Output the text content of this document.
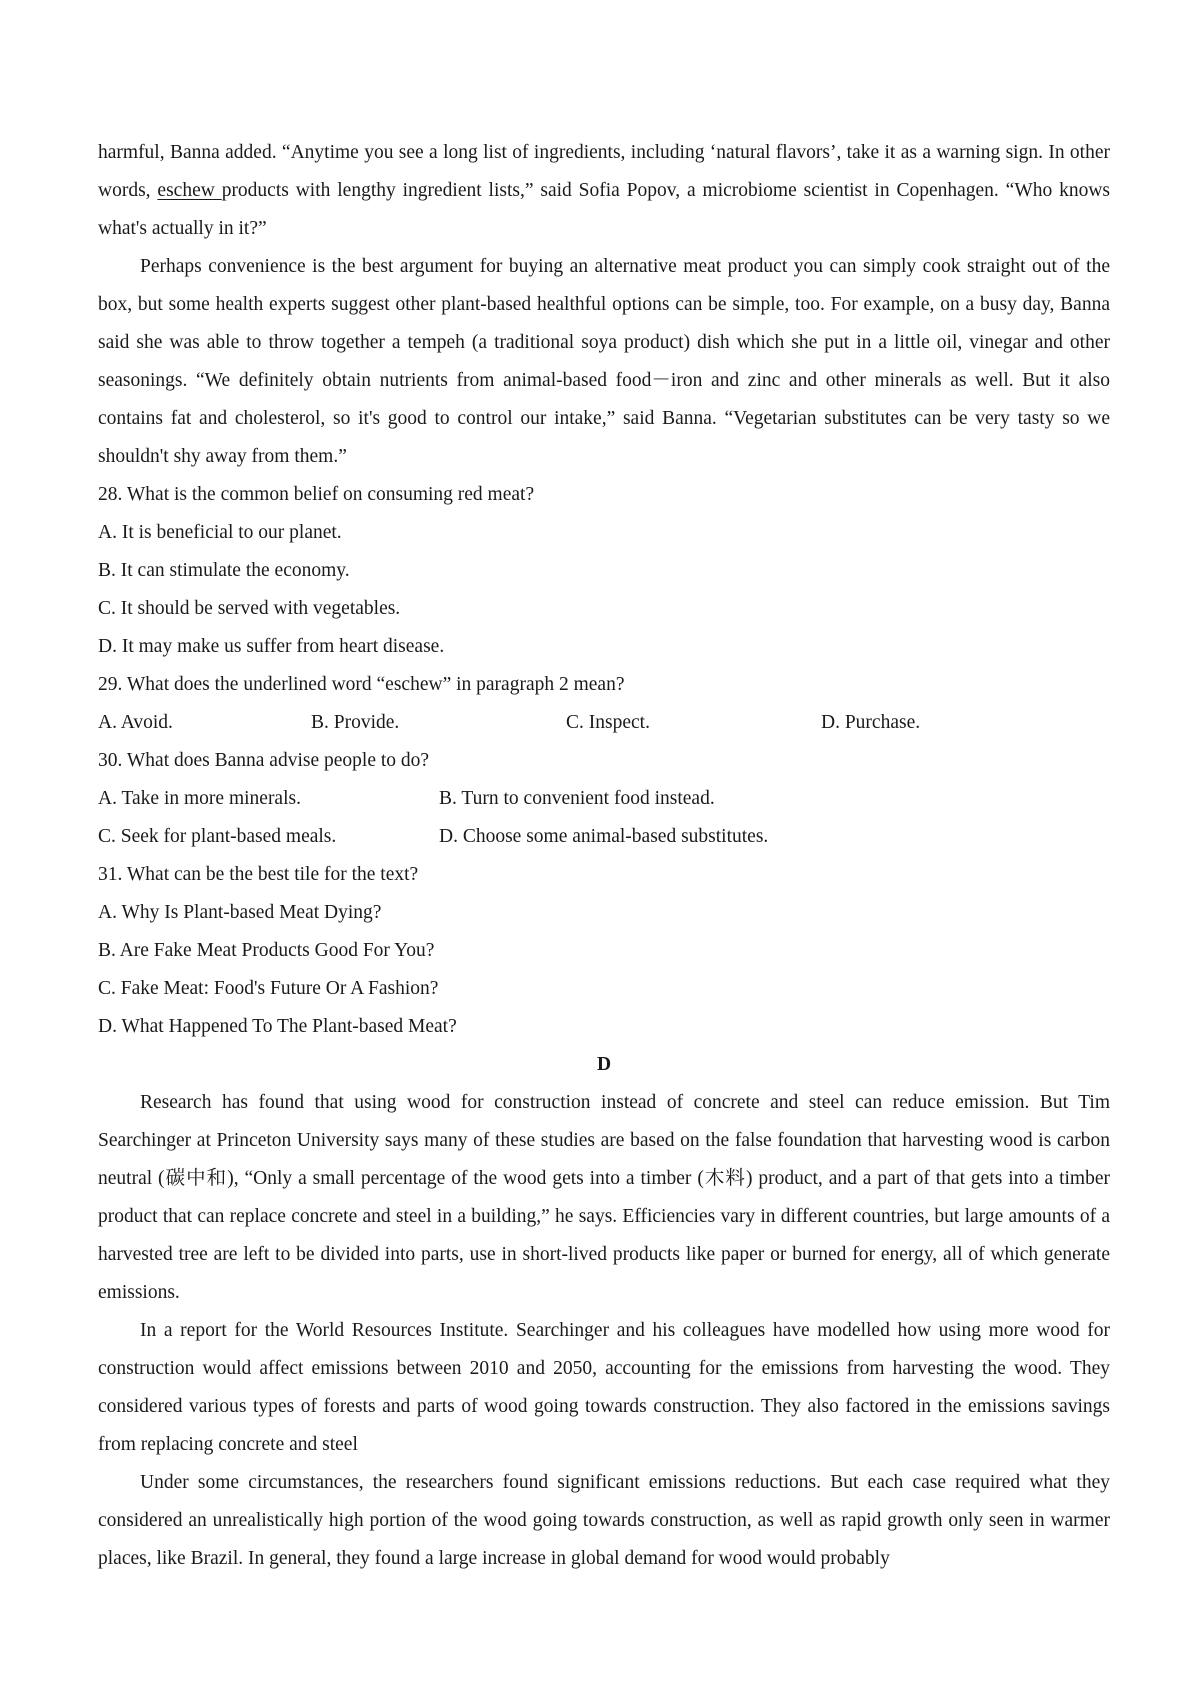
harmful, Banna added. “Anytime you see a long list of ingredients, including ‘natural flavors’, take it as a warning sign. In other words, eschew products with lengthy ingredient lists,” said Sofia Popov, a microbiome scientist in Copenhagen. “Who knows what's actually in it?”

Perhaps convenience is the best argument for buying an alternative meat product you can simply cook straight out of the box, but some health experts suggest other plant-based healthful options can be simple, too. For example, on a busy day, Banna said she was able to throw together a tempeh (a traditional soya product) dish which she put in a little oil, vinegar and other seasonings. “We definitely obtain nutrients from animal-based food－iron and zinc and other minerals as well. But it also contains fat and cholesterol, so it's good to control our intake,” said Banna. “Vegetarian substitutes can be very tasty so we shouldn't shy away from them.”

28. What is the common belief on consuming red meat?

A. It is beneficial to our planet.

B. It can stimulate the economy.

C. It should be served with vegetables.

D. It may make us suffer from heart disease.

29. What does the underlined word “eschew” in paragraph 2 mean?

A. Avoid.	B. Provide.	C. Inspect.	D. Purchase.

30. What does Banna advise people to do?

A. Take in more minerals.	B. Turn to convenient food instead.
C. Seek for plant-based meals.	D. Choose some animal-based substitutes.

31. What can be the best tile for the text?

A. Why Is Plant-based Meat Dying?

B. Are Fake Meat Products Good For You?

C. Fake Meat: Food's Future Or A Fashion?

D. What Happened To The Plant-based Meat?

D

Research has found that using wood for construction instead of concrete and steel can reduce emission. But Tim Searchinger at Princeton University says many of these studies are based on the false foundation that harvesting wood is carbon neutral (碳中和), “Only a small percentage of the wood gets into a timber (木料) product, and a part of that gets into a timber product that can replace concrete and steel in a building,” he says. Efficiencies vary in different countries, but large amounts of a harvested tree are left to be divided into parts, use in short-lived products like paper or burned for energy, all of which generate emissions.

In a report for the World Resources Institute. Searchinger and his colleagues have modelled how using more wood for construction would affect emissions between 2010 and 2050, accounting for the emissions from harvesting the wood. They considered various types of forests and parts of wood going towards construction. They also factored in the emissions savings from replacing concrete and steel

Under some circumstances, the researchers found significant emissions reductions. But each case required what they considered an unrealistically high portion of the wood going towards construction, as well as rapid growth only seen in warmer places, like Brazil. In general, they found a large increase in global demand for wood would probably
